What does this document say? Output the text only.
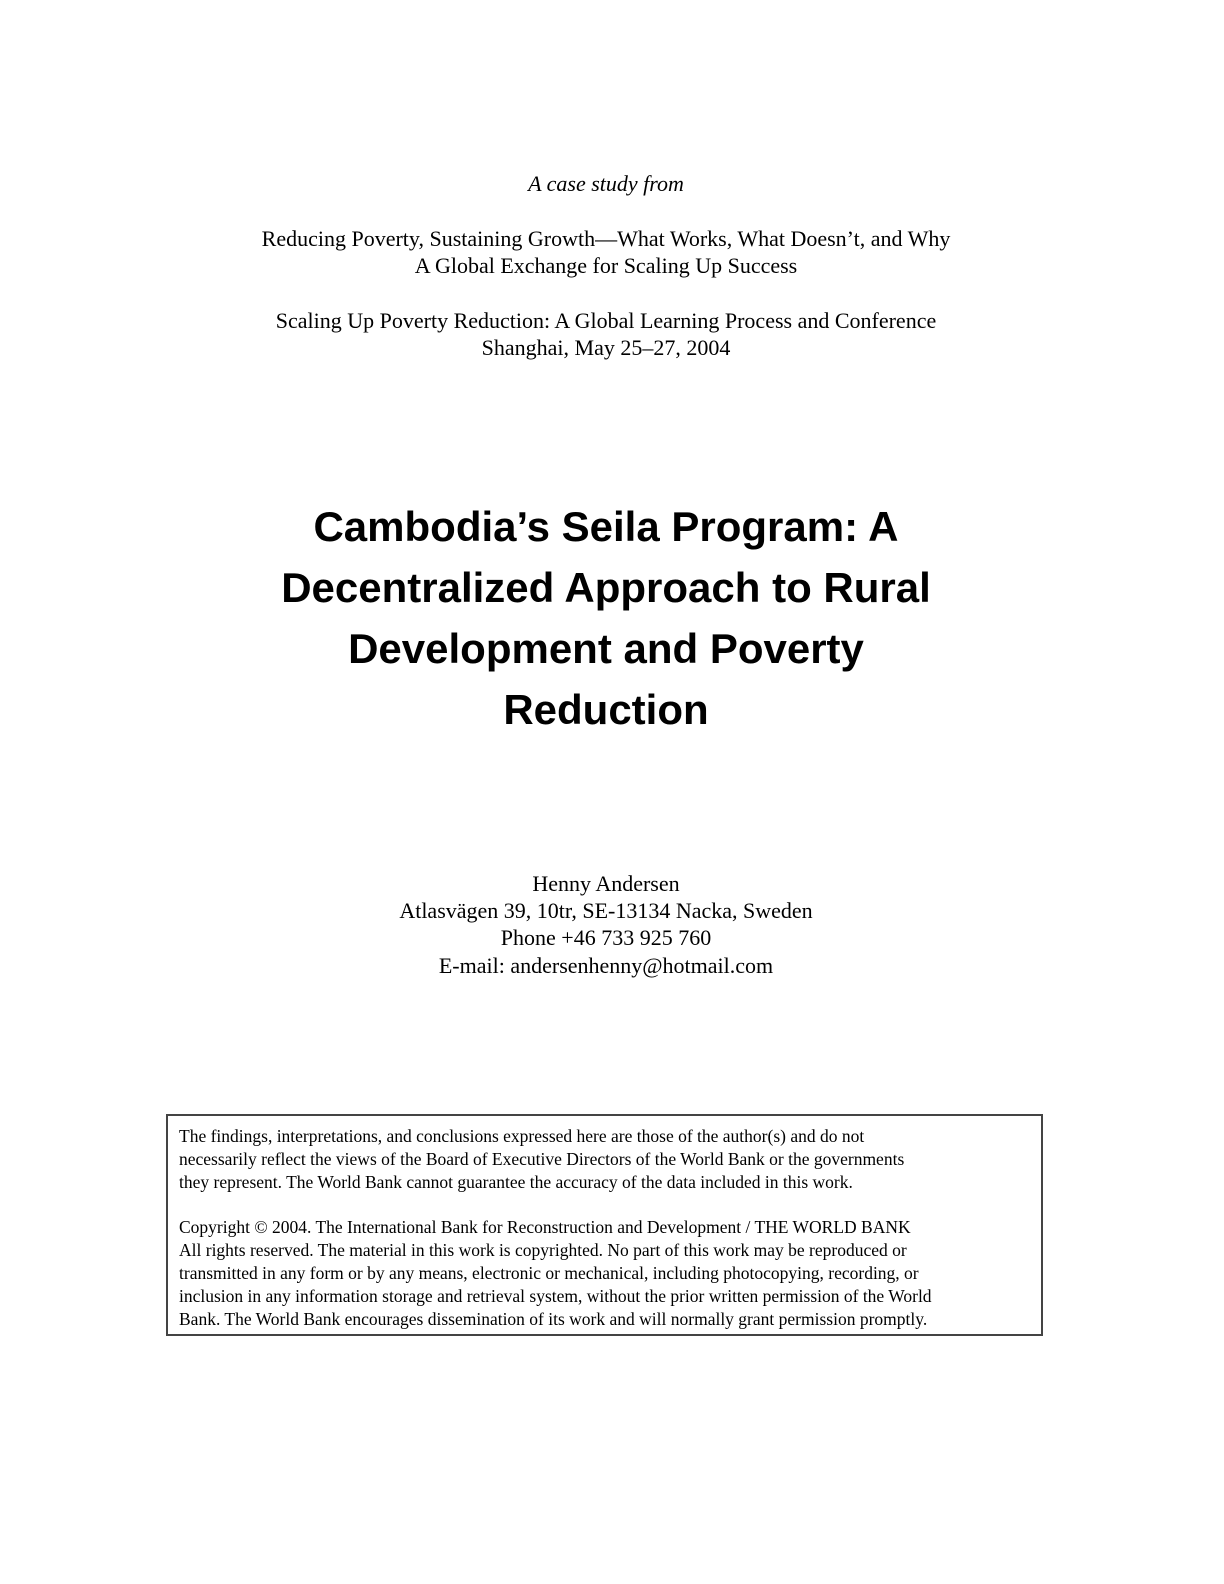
A case study from
Reducing Poverty, Sustaining Growth—What Works, What Doesn’t, and Why
A Global Exchange for Scaling Up Success
Scaling Up Poverty Reduction: A Global Learning Process and Conference
Shanghai, May 25–27, 2004
Cambodia’s Seila Program: A
Decentralized Approach to Rural
Development and Poverty
Reduction
Henny Andersen
Atlasvägen 39, 10tr, SE-13134 Nacka, Sweden
Phone +46 733 925 760
E-mail: andersenhenny@hotmail.com
The findings, interpretations, and conclusions expressed here are those of the author(s) and do not
necessarily reflect the views of the Board of Executive Directors of the World Bank or the governments
they represent. The World Bank cannot guarantee the accuracy of the data included in this work.
Copyright © 2004. The International Bank for Reconstruction and Development / THE WORLD BANK
All rights reserved. The material in this work is copyrighted. No part of this work may be reproduced or
transmitted in any form or by any means, electronic or mechanical, including photocopying, recording, or
inclusion in any information storage and retrieval system, without the prior written permission of the World
Bank. The World Bank encourages dissemination of its work and will normally grant permission promptly.
